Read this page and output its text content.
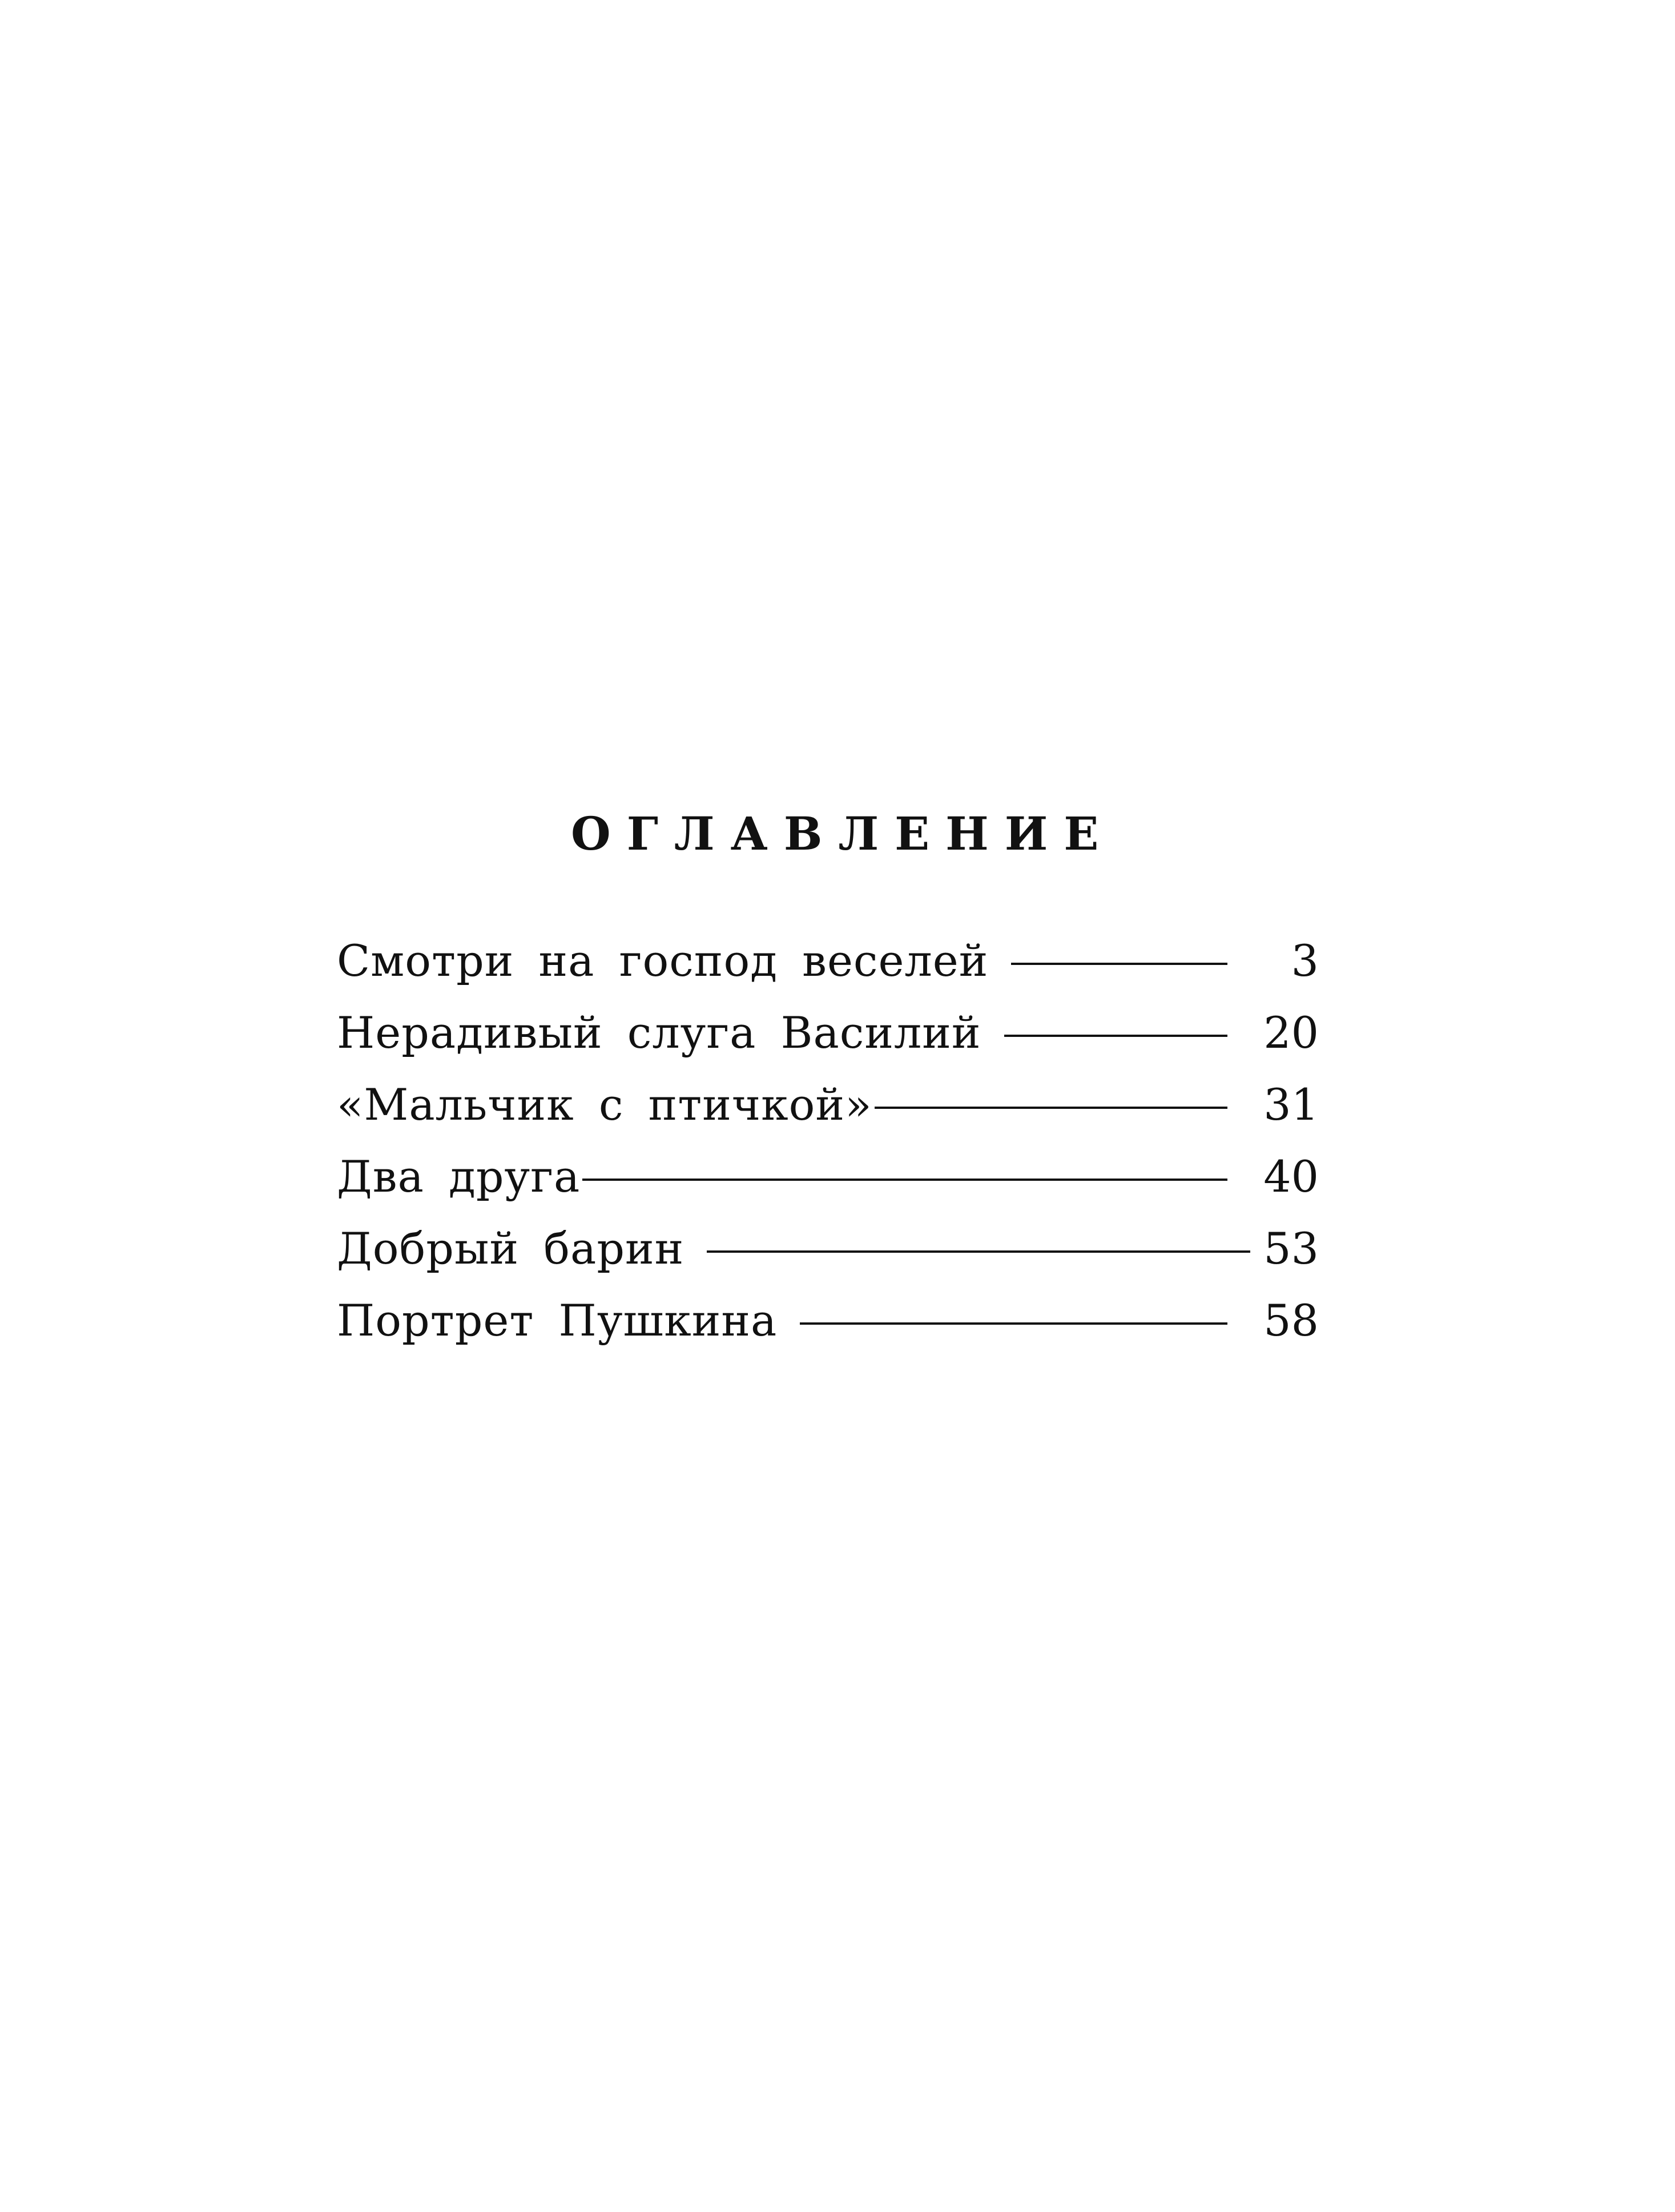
ОГЛАВЛЕНИЕ
Смотри на господ веселей	3
Нерадивый слуга Василий	20
«Мальчик с птичкой»	31
Два друга	40
Добрый барин	53
Портрет Пушкина	58
